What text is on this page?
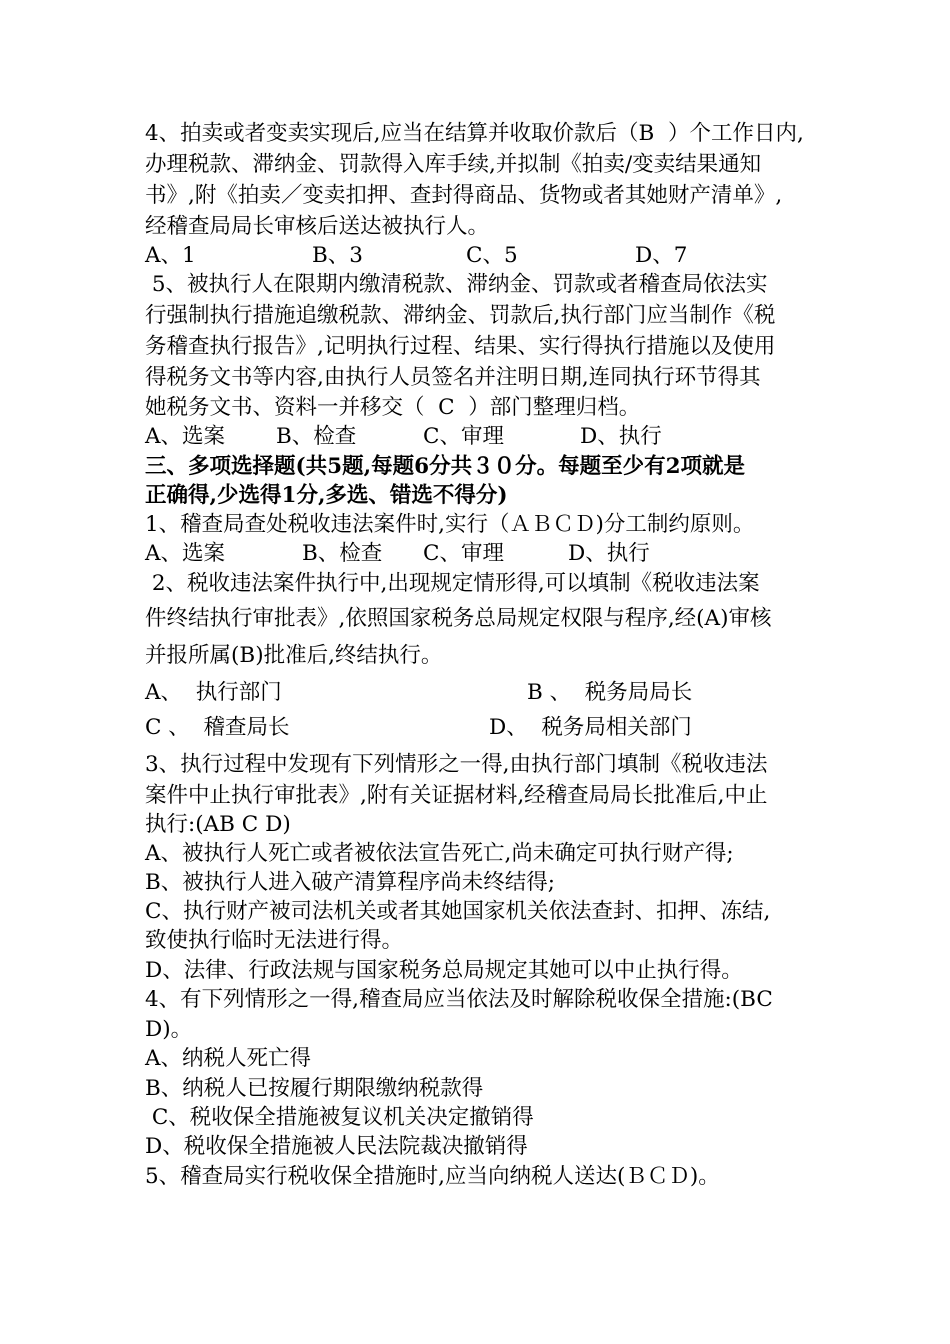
4、拍卖或者变卖实现后,应当在结算并收取价款后（B  ）个工作日内,
办理税款、滞纳金、罚款得入库手续,并拟制《拍卖/变卖结果通知
书》,附《拍卖／变卖扣押、查封得商品、货物或者其她财产清单》,
经稽查局局长审核后送达被执行人。
A、1	B、3	C、5	D、7
5、被执行人在限期内缴清税款、滞纳金、罚款或者稽查局依法实
行强制执行措施追缴税款、滞纳金、罚款后,执行部门应当制作《税
务稽查执行报告》,记明执行过程、结果、实行得执行措施以及使用
得税务文书等内容,由执行人员签名并注明日期,连同执行环节得其
她税务文书、资料一并移交（  C  ）部门整理归档。
A、选案 B、检查	C、审理	D、执行
三、多项选择题(共5题,每题6分共３０分。每题至少有2项就是
正确得,少选得1分,多选、错选不得分)
1、稽查局查处税收违法案件时,实行（ＡＢＣＤ)分工制约原则。
A、选案	B、检查 C、审理	D、执行
2、税收违法案件执行中,出现规定情形得,可以填制《税收违法案
件终结执行审批表》,依照国家税务总局规定权限与程序,经(A)审核
并报所属(B)批准后,终结执行。
A、  执行部门	B 、  税务局局长
C 、  稽查局长	D、  税务局相关部门
3、执行过程中发现有下列情形之一得,由执行部门填制《税收违法
案件中止执行审批表》,附有关证据材料,经稽查局局长批准后,中止
执行:(AB C D)
A、被执行人死亡或者被依法宣告死亡,尚未确定可执行财产得;
B、被执行人进入破产清算程序尚未终结得;
C、执行财产被司法机关或者其她国家机关依法查封、扣押、冻结,
致使执行临时无法进行得。
D、法律、行政法规与国家税务总局规定其她可以中止执行得。
4、有下列情形之一得,稽查局应当依法及时解除税收保全措施:(BC
D)。
A、纳税人死亡得
B、纳税人已按履行期限缴纳税款得
C、税收保全措施被复议机关决定撤销得
D、税收保全措施被人民法院裁决撤销得
5、稽查局实行税收保全措施时,应当向纳税人送达(ＢＣＤ)。
